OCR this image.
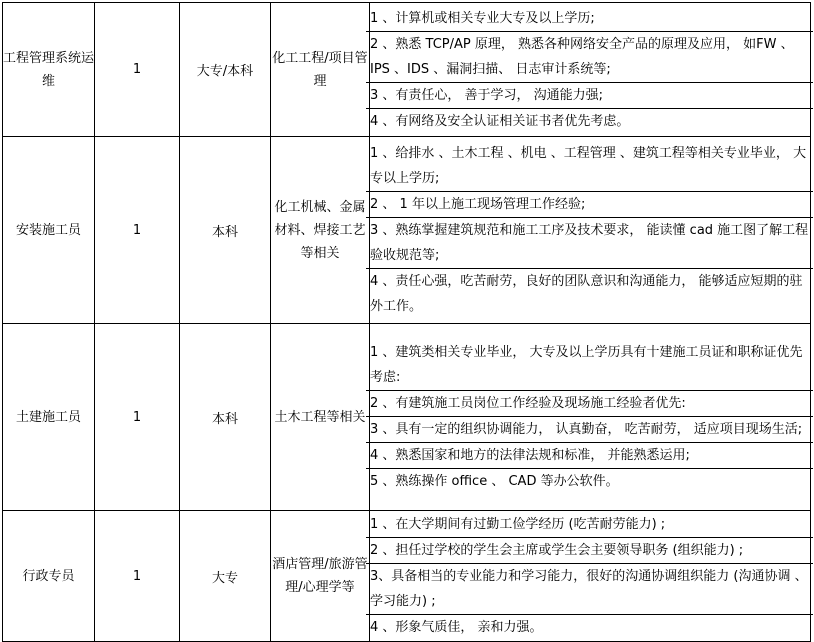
工程管理系统运维	1	大专/本科	化工工程/项目管理	1 、计算机或相关专业大专及以上学历;
2 、熟悉 TCP/AP 原理， 熟悉各种网络安全产品的原理及应用， 如FW 、IPS 、IDS 、漏洞扫描、 日志审计系统等;
3 、有责任心， 善于学习， 沟通能力强;
4 、有网络及安全认证相关证书者优先考虑。

安装施工员	1	本科	化工机械、金属材料、焊接工艺等相关	1 、给排水 、土木工程 、机电 、工程管理 、建筑工程等相关专业毕业， 大专以上学历;
2 、 1 年以上施工现场管理工作经验;
3 、熟练掌握建筑规范和施工工序及技术要求， 能读懂 cad 施工图了解工程验收规范等;
4 、责任心强，吃苦耐劳，良好的团队意识和沟通能力， 能够适应短期的驻外工作。

土建施工员	1	本科	土木工程等相关	1 、建筑类相关专业毕业， 大专及以上学历具有十建施工员证和职称证优先考虑:
2 、有建筑施工员岗位工作经验及现场施工经验者优先:
3 、具有一定的组织协调能力， 认真勤奋， 吃苦耐劳， 适应项目现场生活;
4 、熟悉国家和地方的法律法规和标准， 并能熟悉运用;
5 、熟练操作 office 、 CAD 等办公软件。

行政专员	1	大专	酒店管理/旅游管理/心理学等	1 、在大学期间有过勤工俭学经历 (吃苦耐劳能力) ;
2 、担任过学校的学生会主席或学生会主要领导职务 (组织能力) ;
3、具备相当的专业能力和学习能力，很好的沟通协调组织能力 (沟通协调 、学习能力) ;
4 、形象气质佳， 亲和力强。
